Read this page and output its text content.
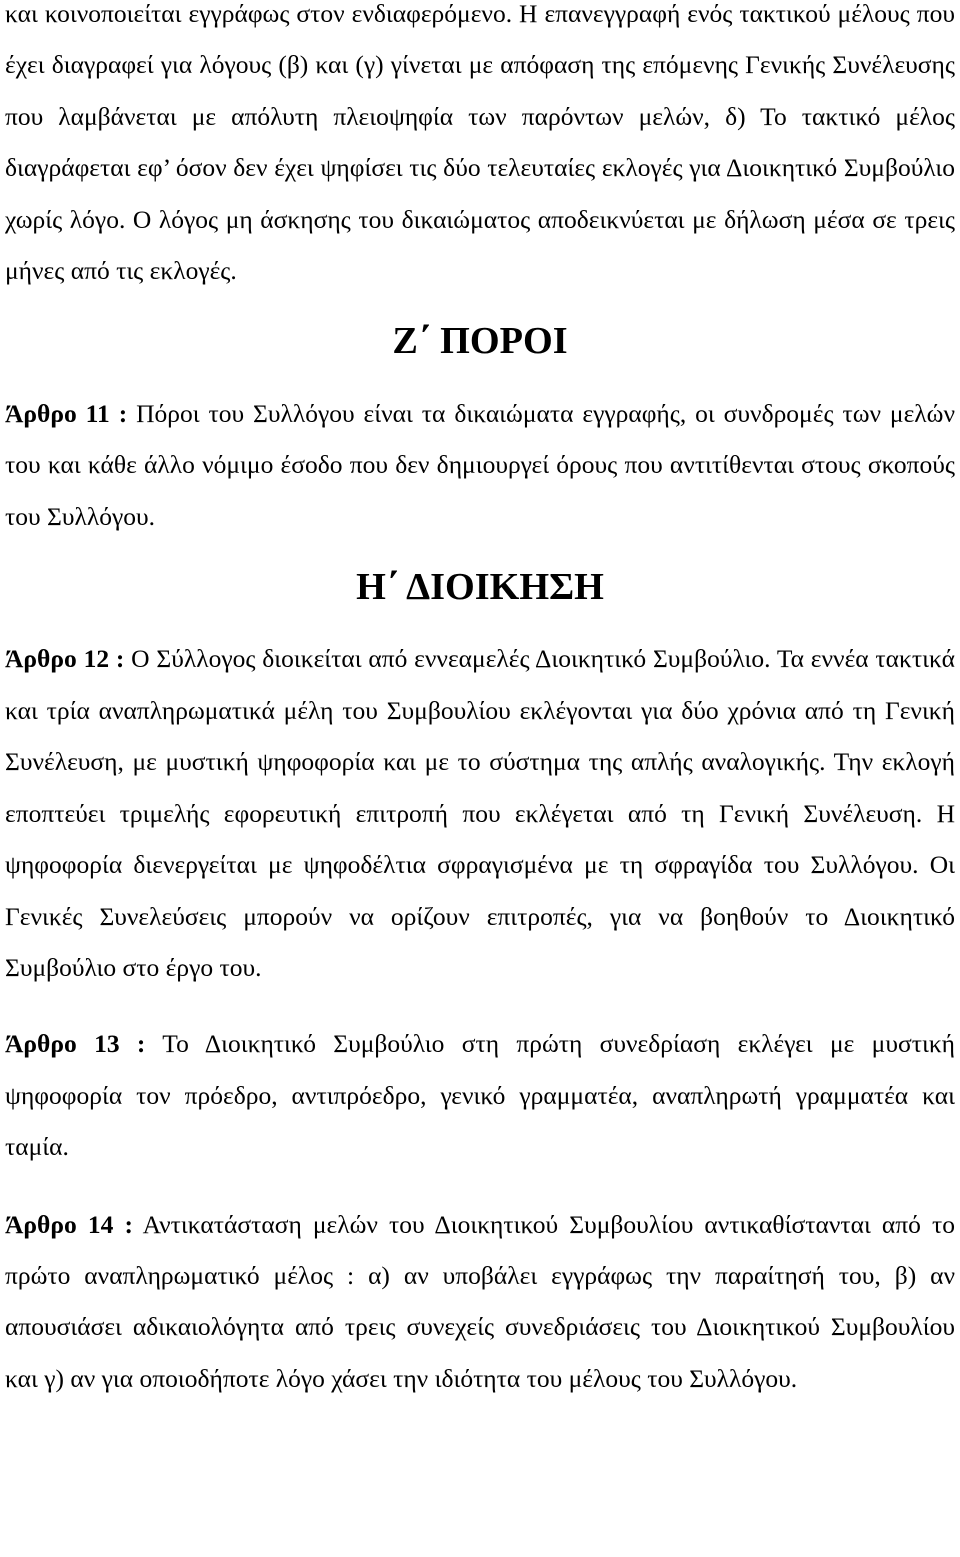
και κοινοποιείται εγγράφως στον ενδιαφερόμενο. Η επανεγγραφή ενός τακτικού μέλους που έχει διαγραφεί για λόγους (β) και (γ) γίνεται με απόφαση της επόμενης Γενικής Συνέλευσης που λαμβάνεται με απόλυτη πλειοψηφία των παρόντων μελών, δ) Το τακτικό μέλος διαγράφεται εφ’ όσον δεν έχει ψηφίσει τις δύο τελευταίες εκλογές για Διοικητικό Συμβούλιο χωρίς λόγο. Ο λόγος μη άσκησης του δικαιώματος αποδεικνύεται με δήλωση μέσα σε τρεις μήνες από τις εκλογές.

Ζ΄ ΠΟΡΟΙ

Άρθρο 11 : Πόροι του Συλλόγου είναι τα δικαιώματα εγγραφής, οι συνδρομές των μελών του και κάθε άλλο νόμιμο έσοδο που δεν δημιουργεί όρους που αντιτίθενται στους σκοπούς του Συλλόγου.

Η΄ ΔΙΟΙΚΗΣΗ

Άρθρο 12 : Ο Σύλλογος διοικείται από εννεαμελές Διοικητικό Συμβούλιο. Τα εννέα τακτικά και τρία αναπληρωματικά μέλη του Συμβουλίου εκλέγονται για δύο χρόνια από τη Γενική Συνέλευση, με μυστική ψηφοφορία και με το σύστημα της απλής αναλογικής. Την εκλογή εποπτεύει τριμελής εφορευτική επιτροπή που εκλέγεται από τη Γενική Συνέλευση. Η ψηφοφορία διενεργείται με ψηφοδέλτια σφραγισμένα με τη σφραγίδα του Συλλόγου. Οι Γενικές Συνελεύσεις μπορούν να ορίζουν επιτροπές, για να βοηθούν το Διοικητικό Συμβούλιο στο έργο του.

Άρθρο 13 : Το Διοικητικό Συμβούλιο στη πρώτη συνεδρίαση εκλέγει με μυστική ψηφοφορία τον πρόεδρο, αντιπρόεδρο, γενικό γραμματέα, αναπληρωτή γραμματέα και ταμία.

Άρθρο 14 : Αντικατάσταση μελών του Διοικητικού Συμβουλίου αντικαθίστανται από το πρώτο αναπληρωματικό μέλος : α) αν υποβάλει εγγράφως την παραίτησή του, β) αν απουσιάσει αδικαιολόγητα από τρεις συνεχείς συνεδριάσεις του Διοικητικού Συμβουλίου και γ) αν για οποιοδήποτε λόγο χάσει την ιδιότητα του μέλους του Συλλόγου.
